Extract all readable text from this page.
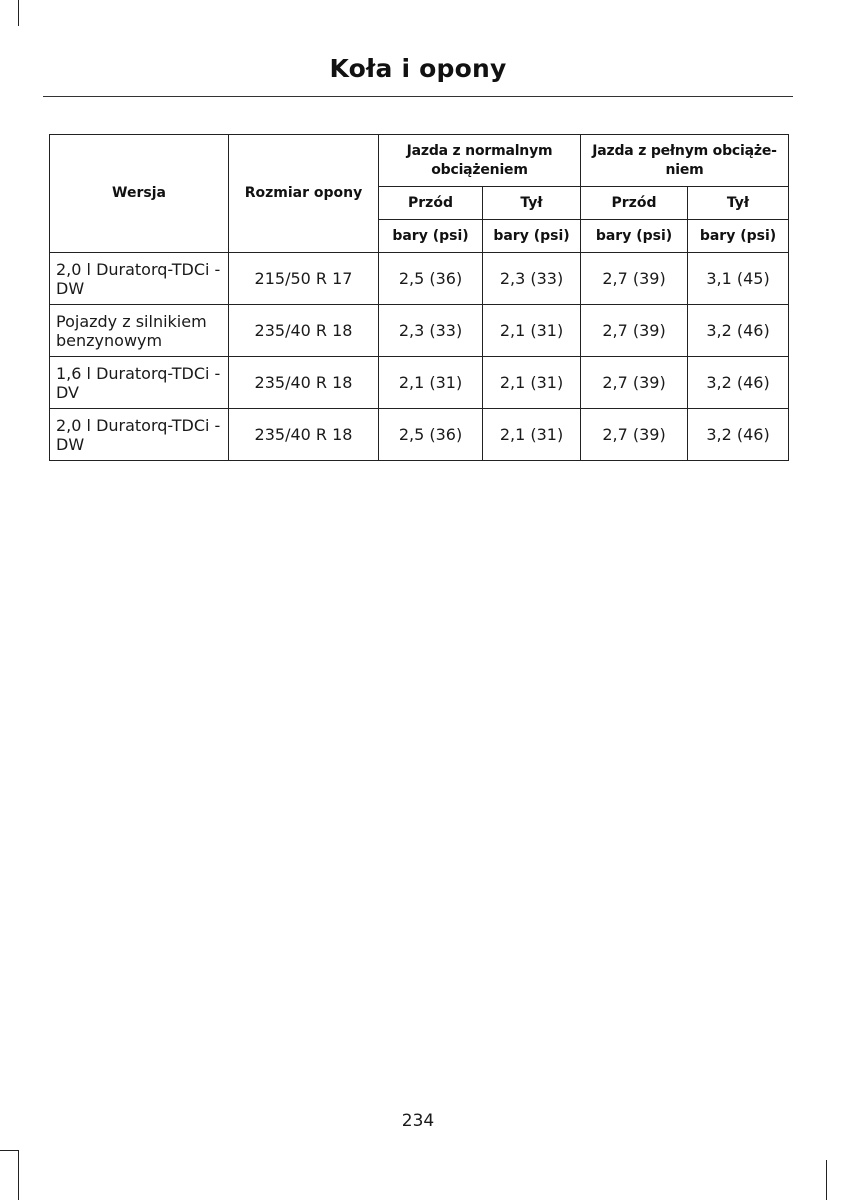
Koła i opony
Wersja	Rozmiar opony	Jazda z normalnym obciążeniem		Jazda z pełnym obciąże-niem	
		Przód	Tył	Przód	Tył
		bary (psi)	bary (psi)	bary (psi)	bary (psi)
2,0 l Duratorq-TDCi - DW	215/50 R 17	2,5 (36)	2,3 (33)	2,7 (39)	3,1 (45)
Pojazdy z silnikiem benzynowym	235/40 R 18	2,3 (33)	2,1 (31)	2,7 (39)	3,2 (46)
1,6 l Duratorq-TDCi - DV	235/40 R 18	2,1 (31)	2,1 (31)	2,7 (39)	3,2 (46)
2,0 l Duratorq-TDCi - DW	235/40 R 18	2,5 (36)	2,1 (31)	2,7 (39)	3,2 (46)
234
